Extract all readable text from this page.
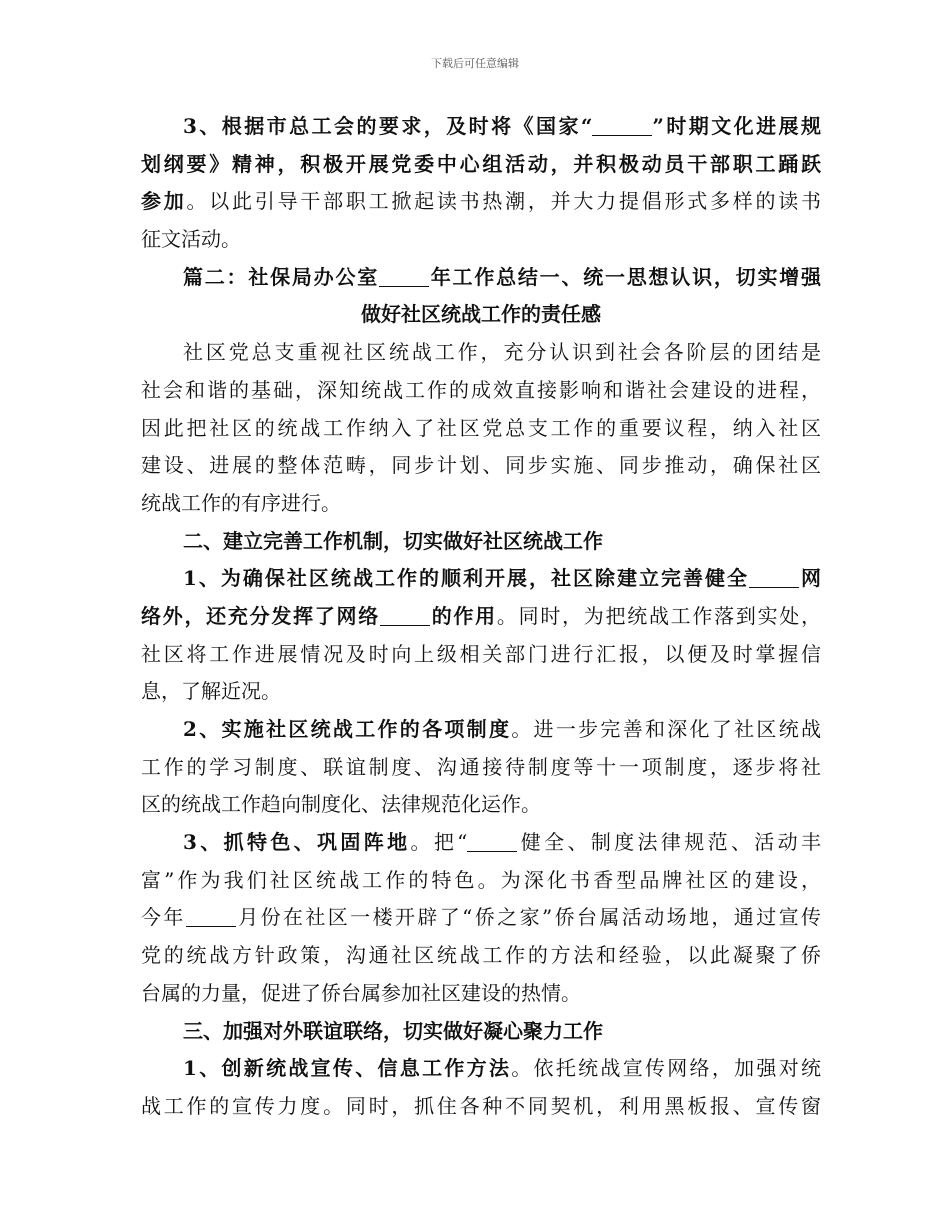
下载后可任意编辑
3、根据市总工会的要求，及时将《国家“	”时期文化进展规
划纲要》精神，积极开展党委中心组活动，并积极动员干部职工踊跃
参加。以此引导干部职工掀起读书热潮，并大力提倡形式多样的读书
征文活动。
篇二：社保局办公室	年工作总结一、统一思想认识，切实增强
做好社区统战工作的责任感
社区党总支重视社区统战工作，充分认识到社会各阶层的团结是
社会和谐的基础，深知统战工作的成效直接影响和谐社会建设的进程，
因此把社区的统战工作纳入了社区党总支工作的重要议程，纳入社区
建设、进展的整体范畴，同步计划、同步实施、同步推动，确保社区
统战工作的有序进行。
二、建立完善工作机制，切实做好社区统战工作
1、为确保社区统战工作的顺利开展，社区除建立完善健全	网
络外，还充分发挥了网络	的作用。同时，为把统战工作落到实处，
社区将工作进展情况及时向上级相关部门进行汇报，以便及时掌握信
息，了解近况。
2、实施社区统战工作的各项制度。进一步完善和深化了社区统战
工作的学习制度、联谊制度、沟通接待制度等十一项制度，逐步将社
区的统战工作趋向制度化、法律规范化运作。
3、抓特色、巩固阵地。把“	健全、制度法律规范、活动丰
富”作为我们社区统战工作的特色。为深化书香型品牌社区的建设，
今年	月份在社区一楼开辟了“侨之家”侨台属活动场地，通过宣传
党的统战方针政策，沟通社区统战工作的方法和经验，以此凝聚了侨
台属的力量，促进了侨台属参加社区建设的热情。
三、加强对外联谊联络，切实做好凝心聚力工作
1、创新统战宣传、信息工作方法。依托统战宣传网络，加强对统
战工作的宣传力度。同时，抓住各种不同契机，利用黑板报、宣传窗
